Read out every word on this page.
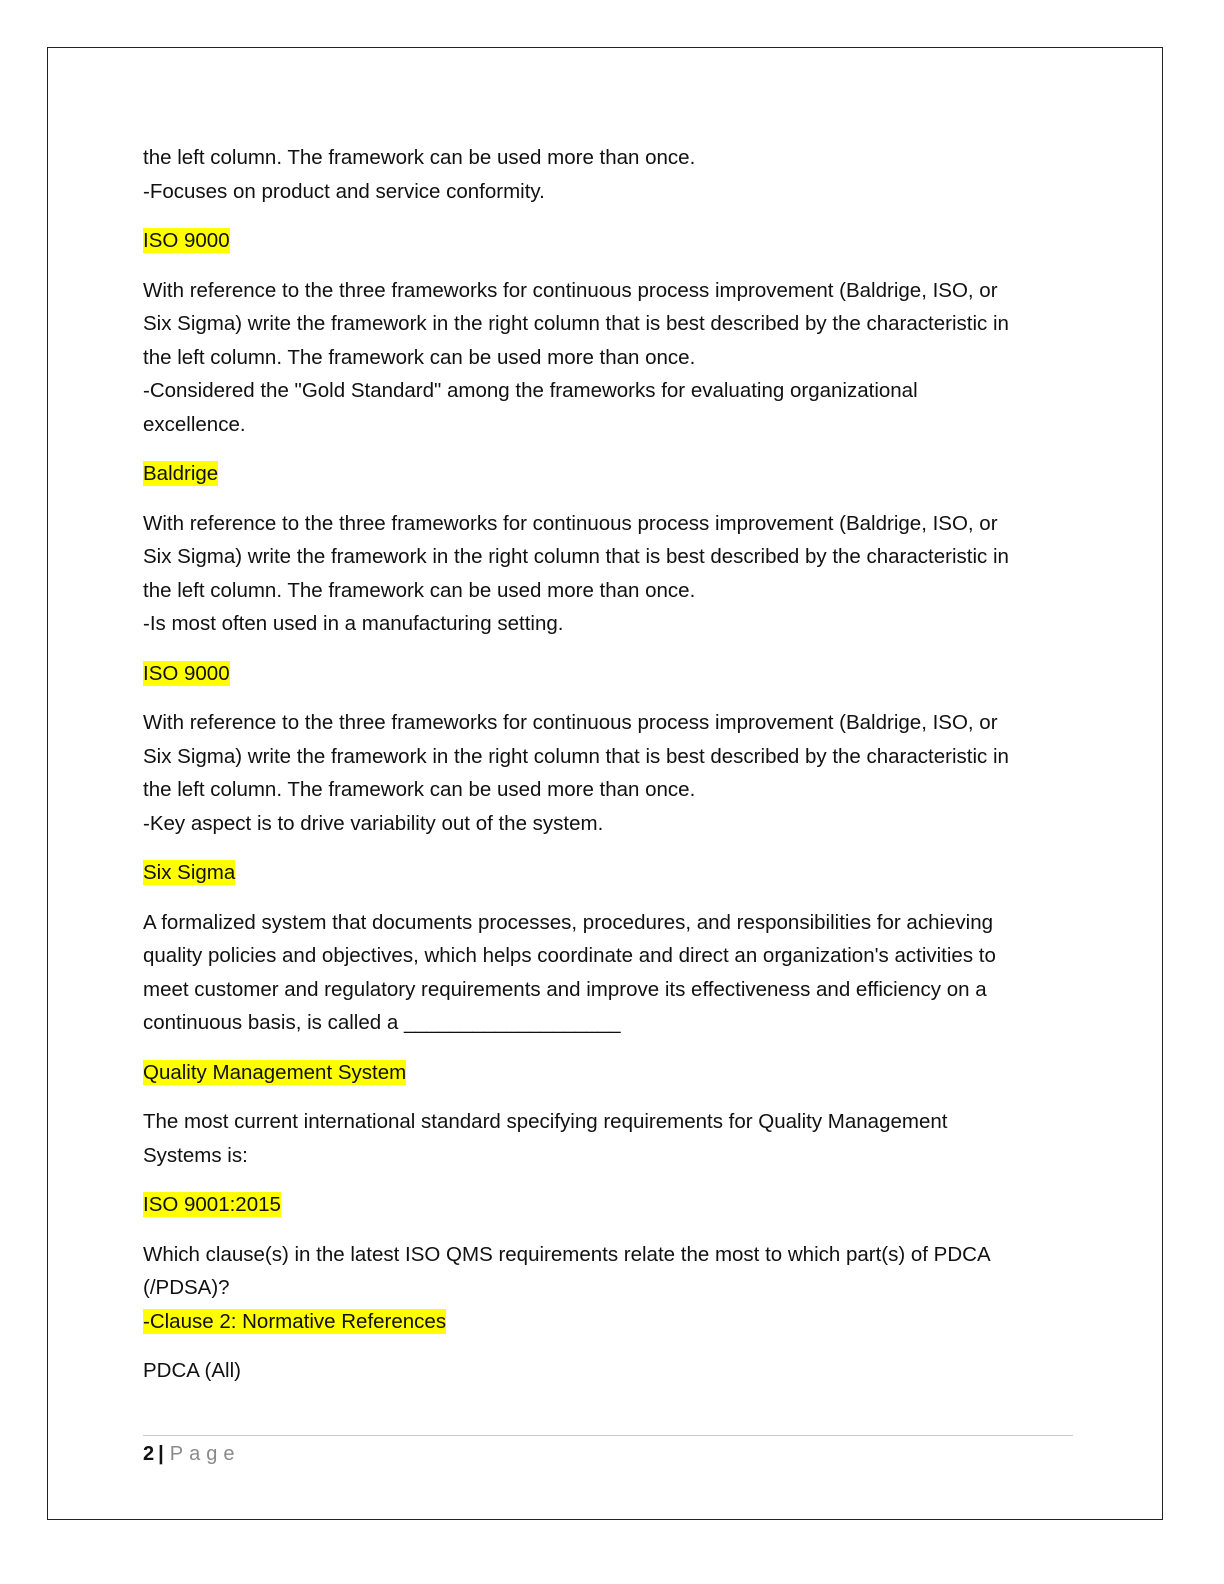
the left column. The framework can be used more than once.
-Focuses on product and service conformity.

ISO 9000

With reference to the three frameworks for continuous process improvement (Baldrige, ISO, or
Six Sigma) write the framework in the right column that is best described by the characteristic in
the left column. The framework can be used more than once.
-Considered the "Gold Standard" among the frameworks for evaluating organizational
excellence.

Baldrige

With reference to the three frameworks for continuous process improvement (Baldrige, ISO, or
Six Sigma) write the framework in the right column that is best described by the characteristic in
the left column. The framework can be used more than once.
-Is most often used in a manufacturing setting.

ISO 9000

With reference to the three frameworks for continuous process improvement (Baldrige, ISO, or
Six Sigma) write the framework in the right column that is best described by the characteristic in
the left column. The framework can be used more than once.
-Key aspect is to drive variability out of the system.

Six Sigma

A formalized system that documents processes, procedures, and responsibilities for achieving
quality policies and objectives, which helps coordinate and direct an organization's activities to
meet customer and regulatory requirements and improve its effectiveness and efficiency on a
continuous basis, is called a ___________________

Quality Management System

The most current international standard specifying requirements for Quality Management
Systems is:

ISO 9001:2015

Which clause(s) in the latest ISO QMS requirements relate the most to which part(s) of PDCA
(/PDSA)?
-Clause 2: Normative References

PDCA (All)

2 | Page
